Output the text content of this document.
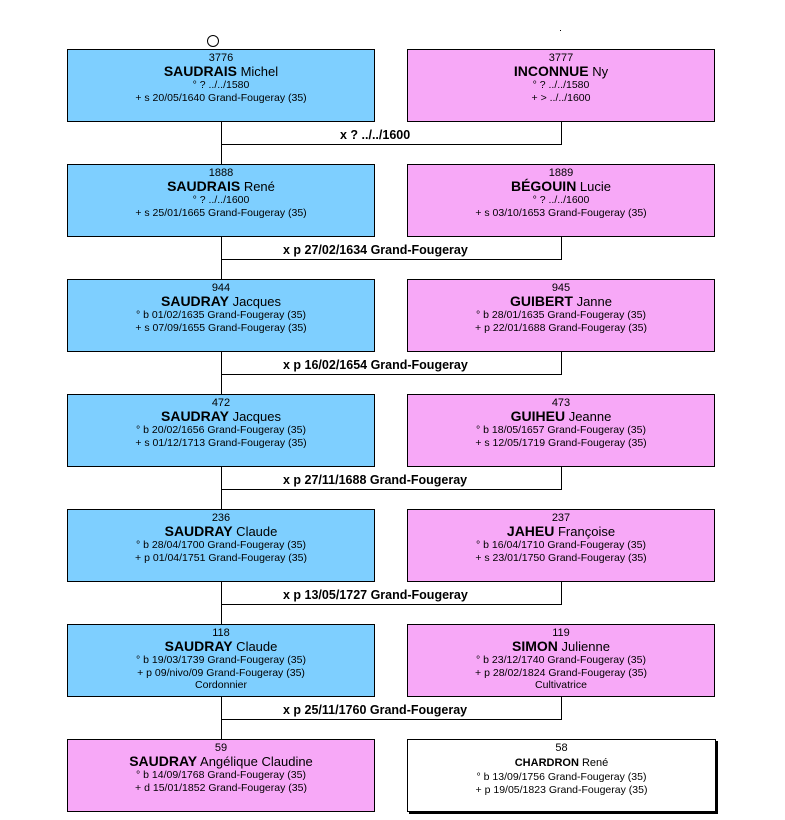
3776
SAUDRAIS Michel
° ? ../../1580
+ s 20/05/1640 Grand-Fougeray (35)
3777
INCONNUE Ny
° ? ../../1580
+ > ../../1600
x ? ../../1600
1888
SAUDRAIS René
° ? ../../1600
+ s 25/01/1665 Grand-Fougeray (35)
1889
BÉGOUIN Lucie
° ? ../../1600
+ s 03/10/1653 Grand-Fougeray (35)
x p 27/02/1634 Grand-Fougeray
944
SAUDRAY Jacques
° b 01/02/1635 Grand-Fougeray (35)
+ s 07/09/1655 Grand-Fougeray (35)
945
GUIBERT Janne
° b 28/01/1635 Grand-Fougeray (35)
+ p 22/01/1688 Grand-Fougeray (35)
x p 16/02/1654 Grand-Fougeray
472
SAUDRAY Jacques
° b 20/02/1656 Grand-Fougeray (35)
+ s 01/12/1713 Grand-Fougeray (35)
473
GUIHEU Jeanne
° b 18/05/1657 Grand-Fougeray (35)
+ s 12/05/1719 Grand-Fougeray (35)
x p 27/11/1688 Grand-Fougeray
236
SAUDRAY Claude
° b 28/04/1700 Grand-Fougeray (35)
+ p 01/04/1751 Grand-Fougeray (35)
237
JAHEU Françoise
° b 16/04/1710 Grand-Fougeray (35)
+ s 23/01/1750 Grand-Fougeray (35)
x p 13/05/1727 Grand-Fougeray
118
SAUDRAY Claude
° b 19/03/1739 Grand-Fougeray (35)
+ p 09/nivo/09 Grand-Fougeray (35)
Cordonnier
119
SIMON Julienne
° b 23/12/1740 Grand-Fougeray (35)
+ p 28/02/1824 Grand-Fougeray (35)
Cultivatrice
x p 25/11/1760 Grand-Fougeray
59
SAUDRAY Angélique Claudine
° b 14/09/1768 Grand-Fougeray (35)
+ d 15/01/1852 Grand-Fougeray (35)
58
CHARDRON René
° b 13/09/1756 Grand-Fougeray (35)
+ p 19/05/1823 Grand-Fougeray (35)
